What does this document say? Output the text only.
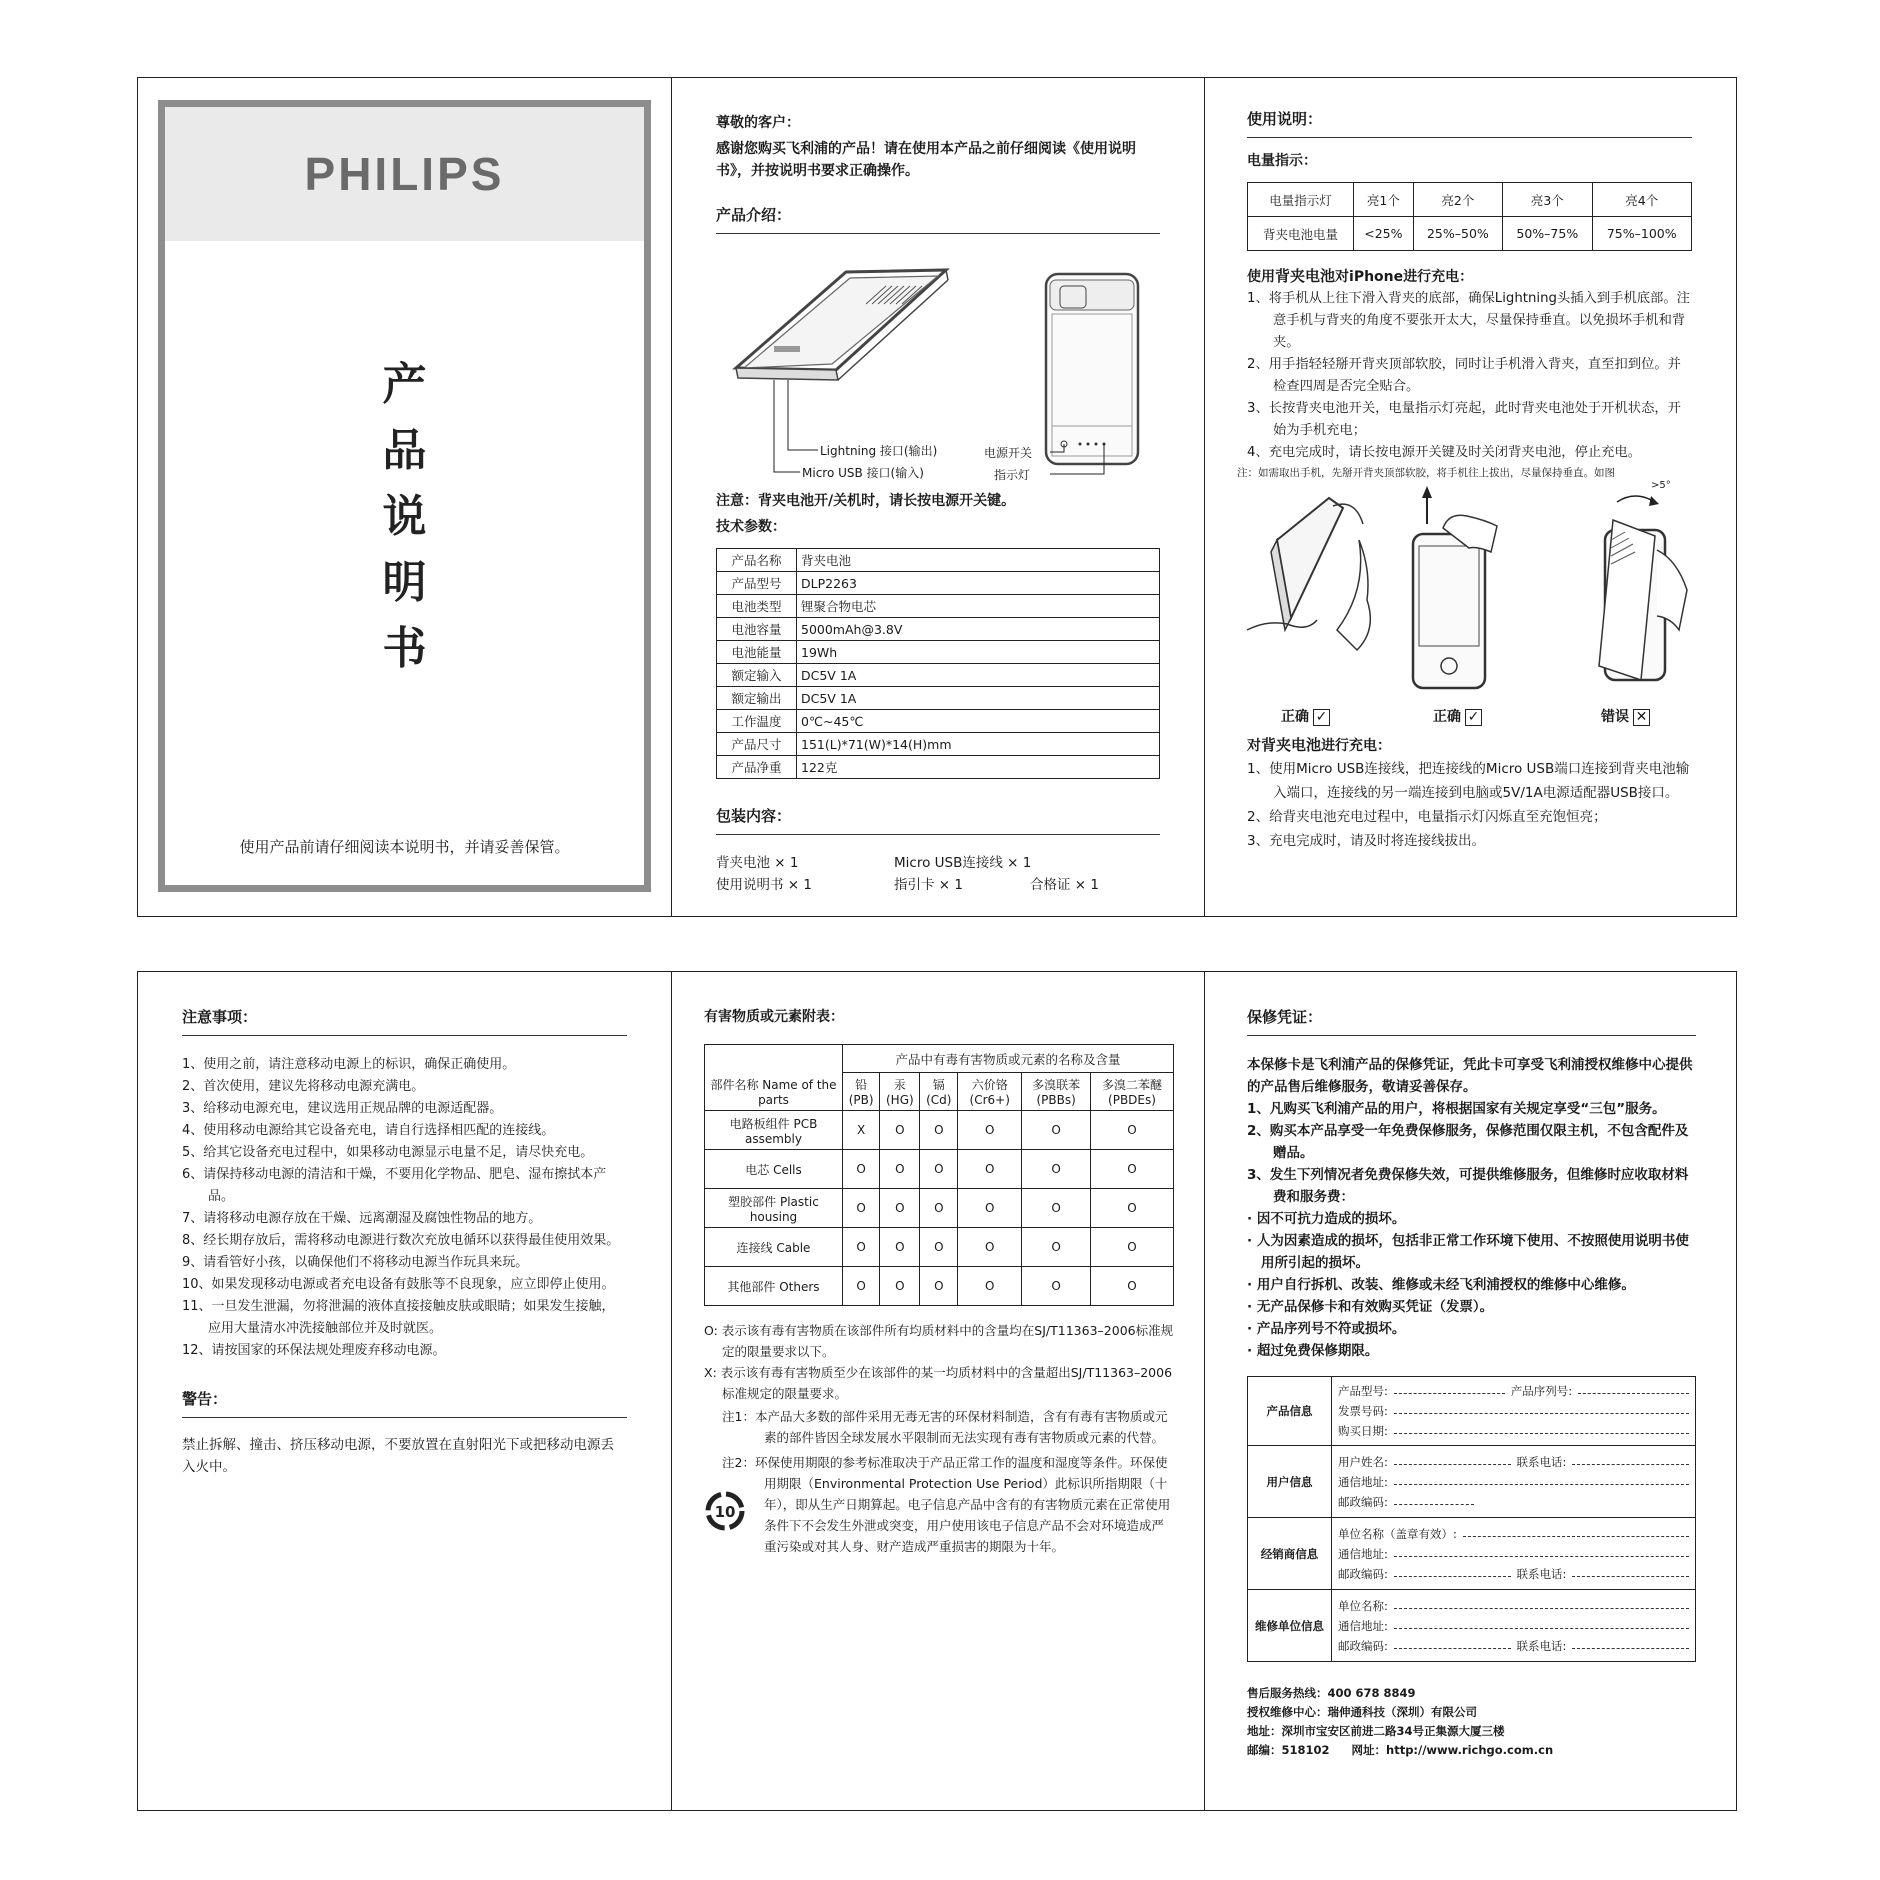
PHILIPS
产
品
说
明
书
使用产品前请仔细阅读本说明书，并请妥善保管。
尊敬的客户：
感谢您购买飞利浦的产品！请在使用本产品之前仔细阅读《使用说明书》，并按说明书要求正确操作。
产品介绍：
Lightning 接口(输出)
Micro USB 接口(输入)
电源开关
指示灯
注意：背夹电池开/关机时，请长按电源开关键。
技术参数：
产品名称	背夹电池
产品型号	DLP2263
电池类型	锂聚合物电芯
电池容量	5000mAh@3.8V
电池能量	19Wh
额定输入	DC5V 1A
额定输出	DC5V 1A
工作温度	0℃~45℃
产品尺寸	151(L)*71(W)*14(H)mm
产品净重	122克
包装内容：
背夹电池 × 1	Micro USB连接线 × 1
使用说明书 × 1	指引卡 × 1	合格证 × 1
使用说明：
电量指示：
电量指示灯	亮1个	亮2个	亮3个	亮4个
背夹电池电量	<25%	25%–50%	50%–75%	75%–100%
使用背夹电池对iPhone进行充电：
1、将手机从上往下滑入背夹的底部，确保Lightning头插入到手机底部。注意手机与背夹的角度不要张开太大，尽量保持垂直。以免损坏手机和背夹。
2、用手指轻轻掰开背夹顶部软胶，同时让手机滑入背夹，直至扣到位。并检查四周是否完全贴合。
3、长按背夹电池开关，电量指示灯亮起，此时背夹电池处于开机状态，开始为手机充电；
4、充电完成时，请长按电源开关键及时关闭背夹电池，停止充电。
注：如需取出手机，先掰开背夹顶部软胶，将手机往上拔出，尽量保持垂直。如图
>5°
正确 ✓	正确 ✓	错误 ✕
对背夹电池进行充电：
1、使用Micro USB连接线，把连接线的Micro USB端口连接到背夹电池输入端口，连接线的另一端连接到电脑或5V/1A电源适配器USB接口。
2、给背夹电池充电过程中，电量指示灯闪烁直至充饱恒亮；
3、充电完成时，请及时将连接线拔出。
注意事项：
1、使用之前，请注意移动电源上的标识，确保正确使用。
2、首次使用，建议先将移动电源充满电。
3、给移动电源充电，建议选用正规品牌的电源适配器。
4、使用移动电源给其它设备充电，请自行选择相匹配的连接线。
5、给其它设备充电过程中，如果移动电源显示电量不足，请尽快充电。
6、请保持移动电源的清洁和干燥，不要用化学物品、肥皂、湿布擦拭本产品。
7、请将移动电源存放在干燥、远离潮湿及腐蚀性物品的地方。
8、经长期存放后，需将移动电源进行数次充放电循环以获得最佳使用效果。
9、请看管好小孩，以确保他们不将移动电源当作玩具来玩。
10、如果发现移动电源或者充电设备有鼓胀等不良现象，应立即停止使用。
11、一旦发生泄漏，勿将泄漏的液体直接接触皮肤或眼睛；如果发生接触，应用大量清水冲洗接触部位并及时就医。
12、请按国家的环保法规处理废弃移动电源。
警告：
禁止拆解、撞击、挤压移动电源，不要放置在直射阳光下或把移动电源丢入火中。
有害物质或元素附表：
	产品中有毒有害物质或元素的名称及含量					
部件名称 Name of the parts	铅 (PB)	汞 (HG)	镉 (Cd)	六价铬 (Cr6+)	多溴联苯 (PBBs)	多溴二苯醚 (PBDEs)
电路板组件 PCB assembly	X	O	O	O	O	O
电芯 Cells	O	O	O	O	O	O
塑胶部件 Plastic housing	O	O	O	O	O	O
连接线 Cable	O	O	O	O	O	O
其他部件 Others	O	O	O	O	O	O
O: 表示该有毒有害物质在该部件所有均质材料中的含量均在SJ/T11363–2006标准规定的限量要求以下。
X: 表示该有毒有害物质至少在该部件的某一均质材料中的含量超出SJ/T11363–2006标准规定的限量要求。
注1：本产品大多数的部件采用无毒无害的环保材料制造，含有有毒有害物质或元素的部件皆因全球发展水平限制而无法实现有毒有害物质或元素的代替。
注2：环保使用期限的参考标准取决于产品正常工作的温度和湿度等条件。环保使用期限（Environmental Protection Use Period）此标识所指期限（十年），即从生产日期算起。电子信息产品中含有的有害物质元素在正常使用条件下不会发生外泄或突变，用户使用该电子信息产品不会对环境造成严重污染或对其人身、财产造成严重损害的期限为十年。
10
保修凭证：
本保修卡是飞利浦产品的保修凭证，凭此卡可享受飞利浦授权维修中心提供的产品售后维修服务，敬请妥善保存。
1、凡购买飞利浦产品的用户，将根据国家有关规定享受“三包”服务。
2、购买本产品享受一年免费保修服务，保修范围仅限主机，不包含配件及赠品。
3、发生下列情况者免费保修失效，可提供维修服务，但维修时应收取材料费和服务费：
· 因不可抗力造成的损坏。
· 人为因素造成的损坏，包括非正常工作环境下使用、不按照使用说明书使用所引起的损坏。
· 用户自行拆机、改装、维修或未经飞利浦授权的维修中心维修。
· 无产品保修卡和有效购买凭证（发票）。
· 产品序列号不符或损坏。
· 超过免费保修期限。
产品信息	产品型号: 产品序列号:
发票号码:
购买日期:

用户信息	用户姓名: 联系电话:
通信地址:
邮政编码:

经销商信息	单位名称（盖章有效）:
通信地址:
邮政编码: 联系电话:

维修单位信息	单位名称:
通信地址:
邮政编码: 联系电话:
售后服务热线：400 678 8849
授权维修中心：瑞伸通科技（深圳）有限公司
地址：深圳市宝安区前进二路34号正集源大厦三楼
邮编：518102 网址：http://www.richgo.com.cn
